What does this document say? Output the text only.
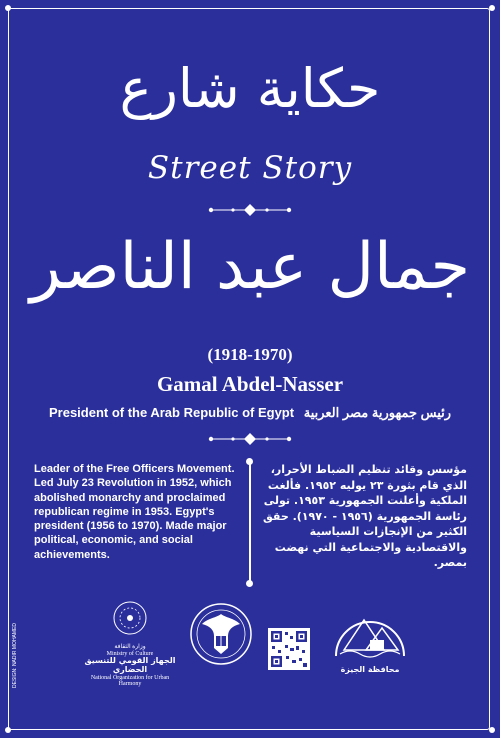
حكاية شارع
Street Story
جمال عبد الناصر
(1918-1970)
Gamal Abdel-Nasser
President of the Arab Republic of Egypt رئيس جمهورية مصر العربية
Leader of the Free Officers Movement. Led July 23 Revolution in 1952, which abolished monarchy and proclaimed republican regime in 1953. Egypt's president (1956 to 1970). Made major political, economic, and social achievements.
مؤسس وقائد تنظيم الضباط الأحرار، الذي قام بثورة ٢٣ يوليه ١٩٥٢. فألغت الملكية وأعلنت الجمهورية ١٩٥٣. تولى رئاسة الجمهورية (١٩٥٦ - ١٩٧٠). حقق الكثير من الإنجازات السياسية والاقتصادية والاجتماعية التي نهضت بمصر.
DESIGN: NADIR MOHAMED	وزارة الثقافة
Ministry of Culture
الجهاز القومي للتنسيق الحضاري
National Organization for Urban Harmony
محافظة الجيزة
